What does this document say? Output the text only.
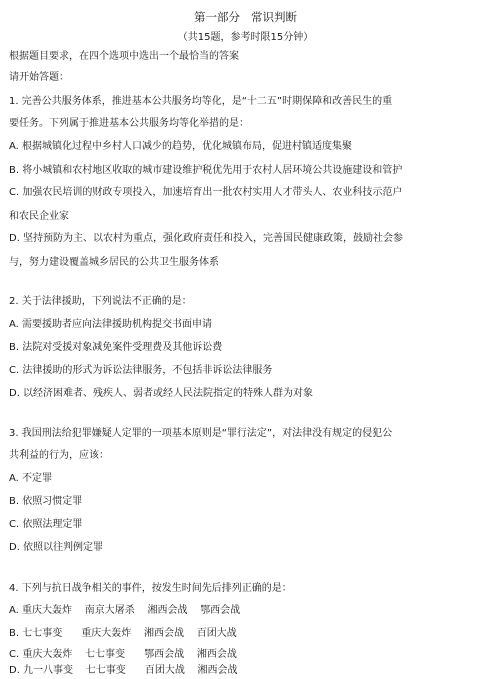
第一部分   常识判断
（共15题，参考时限15分钟）
根据题目要求，在四个选项中选出一个最恰当的答案
请开始答题：
1. 完善公共服务体系，推进基本公共服务均等化，是“十二五”时期保障和改善民生的重
要任务。下列属于推进基本公共服务均等化举措的是：
A. 根据城镇化过程中乡村人口减少的趋势，优化城镇布局，促进村镇适度集聚
B. 将小城镇和农村地区收取的城市建设维护税优先用于农村人居环境公共设施建设和管护
C. 加强农民培训的财政专项投入，加速培育出一批农村实用人才带头人、农业科技示范户
和农民企业家
D. 坚持预防为主、以农村为重点，强化政府责任和投入，完善国民健康政策，鼓励社会参
与，努力建设覆盖城乡居民的公共卫生服务体系
2. 关于法律援助，下列说法不正确的是：
A. 需要援助者应向法律援助机构提交书面申请
B. 法院对受援对象减免案件受理费及其他诉讼费
C. 法律援助的形式为诉讼法律服务，不包括非诉讼法律服务
D. 以经济困难者、残疾人、弱者或经人民法院指定的特殊人群为对象
3. 我国刑法给犯罪嫌疑人定罪的一项基本原则是“罪行法定”，对法律没有规定的侵犯公
共利益的行为，应该：
A. 不定罪
B. 依照习惯定罪
C. 依照法理定罪
D. 依照以往判例定罪
4. 下列与抗日战争相关的事件，按发生时间先后排列正确的是：
A. 重庆大轰炸    南京大屠杀    湘西会战    鄂西会战
B. 七七事变      重庆大轰炸    湘西会战    百团大战
C. 重庆大轰炸    七七事变      鄂西会战    湘西会战
D. 九一八事变    七七事变      百团大战    湘西会战
